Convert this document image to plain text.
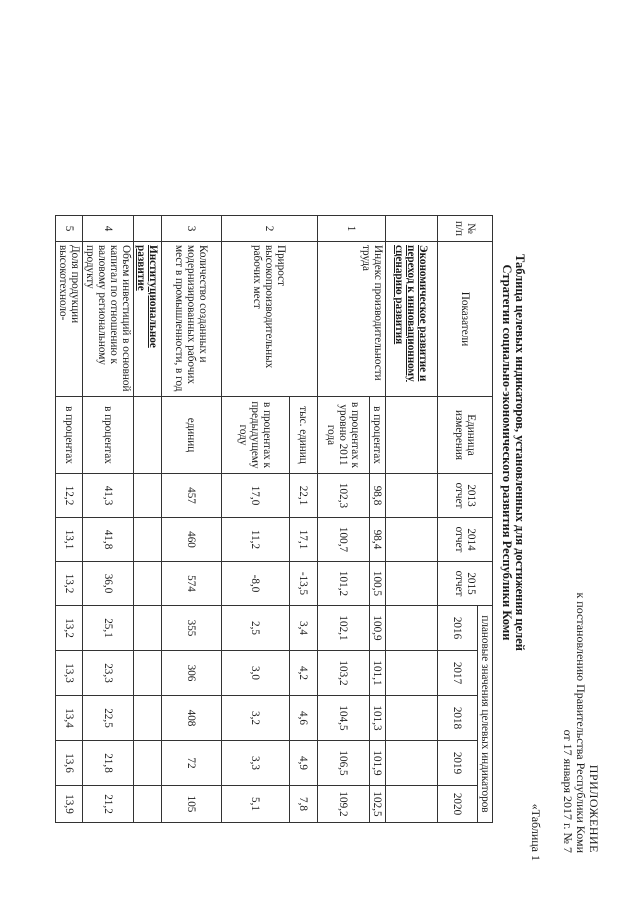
ПРИЛОЖЕНИЕ
к постановлению Правительства Республики Коми
от 17 января 2017 г. № 7
«Таблица 1
Таблица целевых индикаторов, установленных для достижения целей
Стратегии социально-экономического развития Республики Коми
№ п/п	Показатели	Единица измерения	2013 отчет	2014 отчет	2015 отчет	плановые значения целевых индикаторов				
						2016	2017	2018	2019	2020
	Экономическое развитие и переход к инновационному сценарию развития									
1	Индекс производительности труда	в процентах	98,8	98,4	100,5	100,9	101,1	101,3	101,9	102,5
		в процентах к уровню 2011 года	102,3	100,7	101,2	102,1	103,2	104,5	106,5	109,2
2	Прирост высокопроизводительных рабочих мест	тыс. единиц	22,1	17,1	-13,5	3,4	4,2	4,6	4,9	7,8
		в процентах к предыдущему году	17,0	11,2	-8,0	2,5	3,0	3,2	3,3	5,1
3	Количество созданных и модернизированных рабочих мест в промышленности, в год	единиц	457	460	574	355	306	408	72	105
	Институциональное развитие									
4	Объем инвестиций в основной капитал по отношению к валовому региональному продукту	в процентах	41,3	41,8	36,0	25,1	23,3	22,5	21,8	21,2
5	Доля продукции высокотехноло-	в процентах	12,2	13,1	13,2	13,2	13,3	13,4	13,6	13,9
